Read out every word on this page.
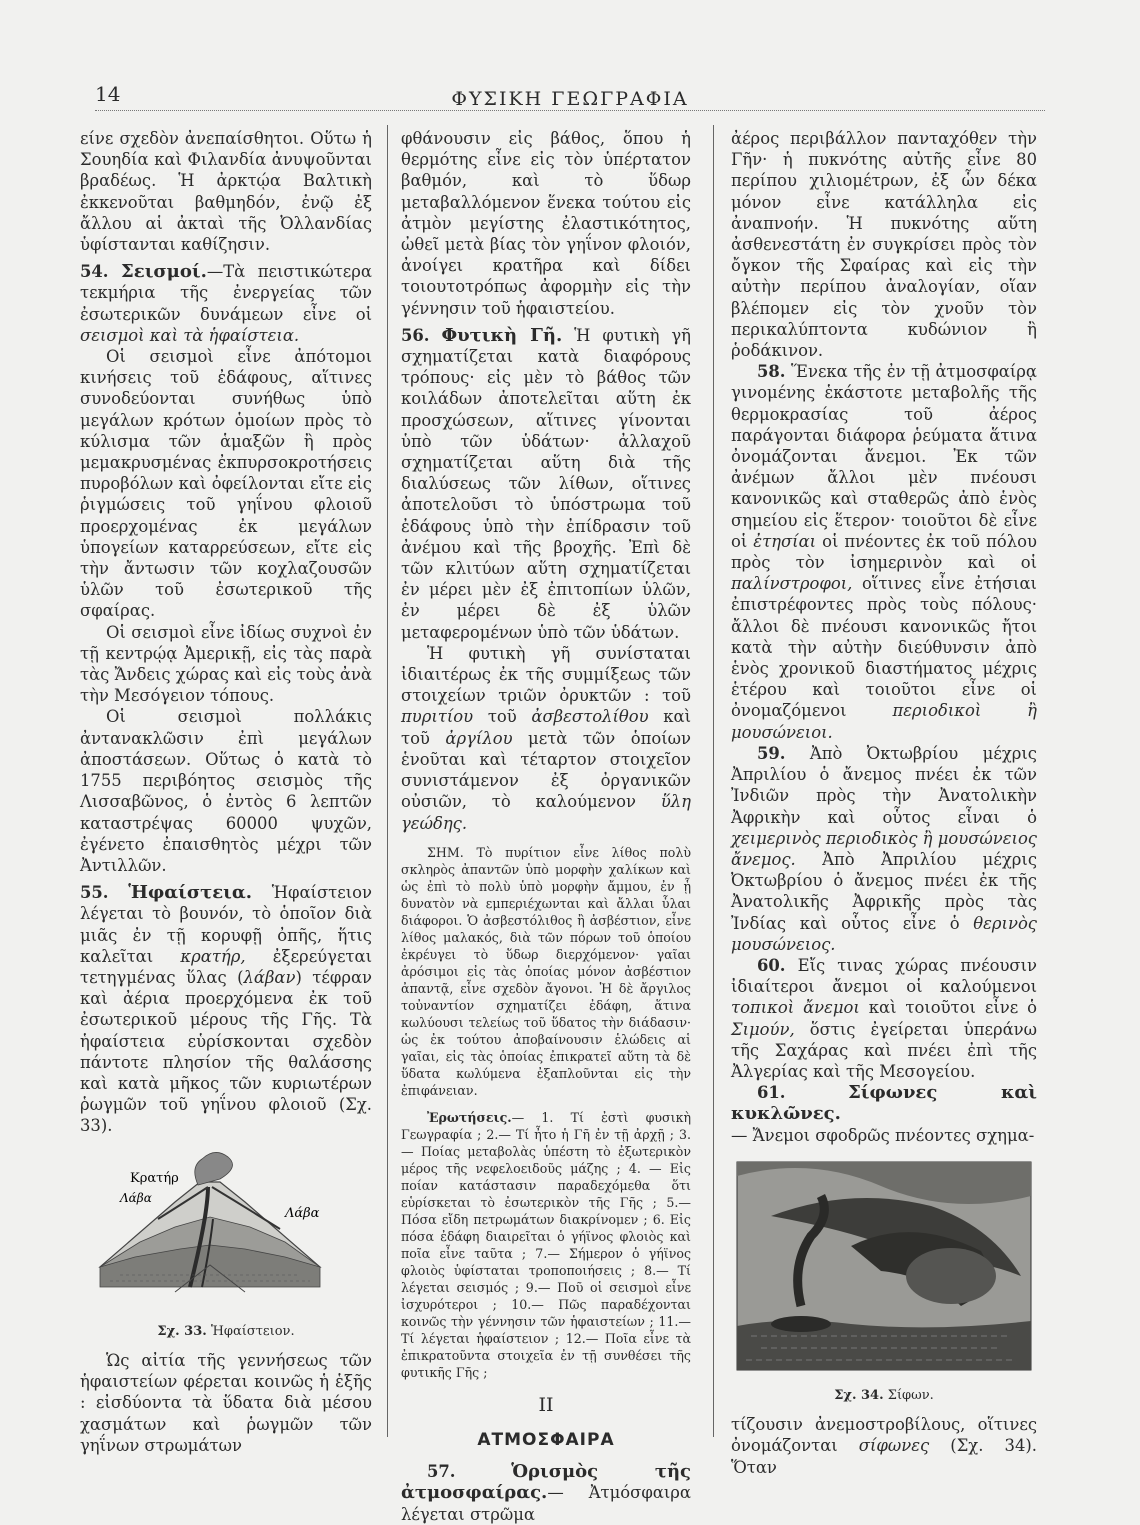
14	ΦΥΣΙΚΗ ΓΕΩΓΡΑΦΙΑ

είνε σχεδὸν ἀνεπαίσθητοι. Οὕτω ἡ Σουηδία καὶ Φιλανδία ἀνυψοῦνται βραδέως. Ἡ ἀρκτῴα Βαλτικὴ ἐκκενοῦται βαθμηδόν, ἐνῷ ἐξ ἄλλου αἱ ἀκταὶ τῆς Ὀλλανδίας ὑφίστανται καθίζησιν.

54. Σεισμοί.—Τὰ πειστικώτερα τεκμήρια τῆς ἐνεργείας τῶν ἐσωτερικῶν δυνάμεων εἶνε οἱ σεισμοὶ καὶ τὰ ἡφαίστεια.

Οἱ σεισμοὶ εἶνε ἀπότομοι κινήσεις τοῦ ἐδάφους, αἵτινες συνοδεύονται συνήθως ὑπὸ μεγάλων κρότων ὁμοίων πρὸς τὸ κύλισμα τῶν ἁμαξῶν ἢ πρὸς μεμακρυσμένας ἐκπυρσοκροτήσεις πυροβόλων καὶ ὀφείλονται εἴτε εἰς ῥιγμώσεις τοῦ γηΐνου φλοιοῦ προερχομένας ἐκ μεγάλων ὑπογείων καταρρεύσεων, εἴτε εἰς τὴν ἄντωσιν τῶν κοχλαζουσῶν ὑλῶν τοῦ ἐσωτερικοῦ τῆς σφαίρας.

Οἱ σεισμοὶ εἶνε ἰδίως συχνοὶ ἐν τῇ κεντρῴᾳ Ἀμερικῇ, εἰς τὰς παρὰ τὰς Ἄνδεις χώρας καὶ εἰς τοὺς ἀνὰ τὴν Μεσόγειον τόπους.

Οἱ σεισμοὶ πολλάκις ἀντανακλῶσιν ἐπὶ μεγάλων ἀποστάσεων. Οὕτως ὁ κατὰ τὸ 1755 περιβόητος σεισμὸς τῆς Λισσαβῶνος, ὁ ἐντὸς 6 λεπτῶν καταστρέψας 60000 ψυχῶν, ἐγένετο ἐπαισθητὸς μέχρι τῶν Ἀντιλλῶν.

55. Ἡφαίστεια. Ἡφαίστειον λέγεται τὸ βουνόν, τὸ ὁποῖον διὰ μιᾶς ἐν τῇ κορυφῇ ὀπῆς, ἥτις καλεῖται κρατήρ, ἐξερεύγεται τετηγμένας ὕλας (λάβαν) τέφραν καὶ ἀέρια προερχόμενα ἐκ τοῦ ἐσωτερικοῦ μέρους τῆς Γῆς. Τὰ ἡφαίστεια εὑρίσκονται σχεδὸν πάντοτε πλησίον τῆς θαλάσσης καὶ κατὰ μῆκος τῶν κυριωτέρων ῥωγμῶν τοῦ γηΐνου φλοιοῦ (Σχ. 33).

Κρατήρ
Λάβα
Λάβα
Σχ. 33. Ἡφαίστειον.

Ὡς αἰτία τῆς γεννήσεως τῶν ἡφαιστείων φέρεται κοινῶς ἡ ἑξῆς : εἰσδύοντα τὰ ὕδατα διὰ μέσου χασμάτων καὶ ῥωγμῶν τῶν γηΐνων στρωμάτων

φθάνουσιν εἰς βάθος, ὅπου ἡ θερμότης εἶνε εἰς τὸν ὑπέρτατον βαθμόν, καὶ τὸ ὕδωρ μεταβαλλόμενον ἕνεκα τούτου εἰς ἀτμὸν μεγίστης ἐλαστικότητος, ὠθεῖ μετὰ βίας τὸν γηΐνον φλοιόν, ἀνοίγει κρατῆρα καὶ δίδει τοιουτοτρόπως ἀφορμὴν εἰς τὴν γέννησιν τοῦ ἡφαιστείου.

56. Φυτικὴ Γῆ. Ἡ φυτικὴ γῆ σχηματίζεται κατὰ διαφόρους τρόπους· εἰς μὲν τὸ βάθος τῶν κοιλάδων ἀποτελεῖται αὕτη ἐκ προσχώσεων, αἵτινες γίνονται ὑπὸ τῶν ὑδάτων· ἀλλαχοῦ σχηματίζεται αὕτη διὰ τῆς διαλύσεως τῶν λίθων, οἵτινες ἀποτελοῦσι τὸ ὑπόστρωμα τοῦ ἐδάφους ὑπὸ τὴν ἐπίδρασιν τοῦ ἀνέμου καὶ τῆς βροχῆς. Ἐπὶ δὲ τῶν κλιτύων αὕτη σχηματίζεται ἐν μέρει μὲν ἐξ ἐπιτοπίων ὑλῶν, ἐν μέρει δὲ ἐξ ὑλῶν μεταφερομένων ὑπὸ τῶν ὑδάτων.

Ἡ φυτικὴ γῆ συνίσταται ἰδιαιτέρως ἐκ τῆς συμμίξεως τῶν στοιχείων τριῶν ὀρυκτῶν : τοῦ πυριτίου τοῦ ἀσβεστολίθου καὶ τοῦ ἀργίλου μετὰ τῶν ὁποίων ἑνοῦται καὶ τέταρτον στοιχεῖον συνιστάμενον ἐξ ὀργανικῶν οὐσιῶν, τὸ καλούμενον ὕλη γεώδης.

ΣΗΜ. Τὸ πυρίτιον εἶνε λίθος πολὺ σκληρὸς ἀπαντῶν ὑπὸ μορφὴν χαλίκων καὶ ὡς ἐπὶ τὸ πολὺ ὑπὸ μορφὴν ἄμμου, ἐν ᾗ δυνατὸν νὰ εμπεριέχωνται καὶ ἄλλαι ὗλαι διάφοροι. Ὁ ἀσβεστόλιθος ἢ ἀσβέστιον, εἶνε λίθος μαλακός, διὰ τῶν πόρων τοῦ ὁποίου ἐκρέυγει τὸ ὕδωρ διερχόμενον· γαῖαι ἀρόσιμοι εἰς τὰς ὁποίας μόνον ἀσβέστιον ἀπαντᾷ, εἶνε σχεδὸν ἄγονοι. Ἡ δὲ ἄργιλος τοὐναντίον σχηματίζει ἐδάφη, ἅτινα κωλύουσι τελείως τοῦ ὕδατος τὴν διάδασιν· ὡς ἐκ τούτου ἀποβαίνουσιν ἑλώδεις αἱ γαῖαι, εἰς τὰς ὁποίας ἐπικρατεῖ αὕτη τὰ δὲ ὕδατα κωλύμενα ἐξαπλοῦνται εἰς τὴν ἐπιφάνειαν.

Ἐρωτήσεις.— 1. Τί ἐστὶ φυσικὴ Γεωγραφία ; 2.— Τί ἦτο ἡ Γῆ ἐν τῇ ἀρχῇ ; 3.— Ποίας μεταβολὰς ὑπέστη τὸ ἐξωτερικὸν μέρος τῆς νεφελοειδοῦς μάζης ; 4. — Εἰς ποίαν κατάστασιν παραδεχόμεθα ὅτι εὑρίσκεται τὸ ἐσωτερικὸν τῆς Γῆς ; 5.— Πόσα εἴδη πετρωμάτων διακρίνομεν ; 6. Εἰς πόσα ἐδάφη διαιρεῖται ὁ γήϊνος φλοιὸς καὶ ποῖα εἶνε ταῦτα ; 7.— Σήμερον ὁ γήϊνος φλοιὸς ὑφίσταται τροποποιήσεις ; 8.— Τί λέγεται σεισμός ; 9.— Ποῦ οἱ σεισμοὶ εἶνε ἰσχυρότεροι ; 10.— Πῶς παραδέχονται κοινῶς τὴν γέννησιν τῶν ἡφαιστείων ; 11.— Τί λέγεται ἡφαίστειον ; 12.— Ποῖα εἶνε τὰ ἐπικρατοῦντα στοιχεῖα ἐν τῇ συνθέσει τῆς φυτικῆς Γῆς ;

II
ΑΤΜΟΣΦΑΙΡΑ

57.	Ὁρισμὸς τῆς ἀτμοσφαίρας.— Ἀτμόσφαιρα λέγεται στρῶμα

ἀέρος περιβάλλον πανταχόθεν τὴν Γῆν· ἡ πυκνότης αὐτῆς εἶνε 80 περίπου χιλιομέτρων, ἐξ ὧν δέκα μόνον εἶνε κατάλληλα εἰς ἀναπνοήν. Ἡ πυκνότης αὕτη ἀσθενεστάτη ἐν συγκρίσει πρὸς τὸν ὄγκον τῆς Σφαίρας καὶ εἰς τὴν αὐτὴν περίπου ἀναλογίαν, οἵαν βλέπομεν εἰς τὸν χνοῦν τὸν περικαλύπτοντα κυδώνιον ἢ ῥοδάκινον.

58. Ἕνεκα τῆς ἐν τῇ ἀτμοσφαίρᾳ γινομένης ἑκάστοτε μεταβολῆς τῆς θερμοκρασίας τοῦ ἀέρος παράγονται διάφορα ῥεύματα ἅτινα ὀνομάζονται ἄνεμοι. Ἐκ τῶν ἀνέμων ἄλλοι μὲν πνέουσι κανονικῶς καὶ σταθερῶς ἀπὸ ἑνὸς σημείου εἰς ἕτερον· τοιοῦτοι δὲ εἶνε οἱ ἐτησίαι οἱ πνέοντες ἐκ τοῦ πόλου πρὸς τὸν ἰσημερινὸν καὶ οἱ παλίνστροφοι, οἵτινες εἶνε ἐτήσιαι ἐπιστρέφοντες πρὸς τοὺς πόλους· ἄλλοι δὲ πνέουσι κανονικῶς ἤτοι κατὰ τὴν αὐτὴν διεύθυνσιν ἀπὸ ἑνὸς χρονικοῦ διαστήματος μέχρις ἑτέρου καὶ τοιοῦτοι εἶνε οἱ ὀνομαζόμενοι περιοδικοὶ ἢ μουσώνειοι.

59. Ἀπὸ Ὀκτωβρίου μέχρις Ἀπριλίου ὁ ἄνεμος πνέει ἐκ τῶν Ἰνδιῶν πρὸς τὴν Ἀνατολικὴν Ἀφρικὴν καὶ οὗτος εἶναι ὁ χειμερινὸς περιοδικὸς ἢ μουσώνειος ἄνεμος. Ἀπὸ Ἀπριλίου μέχρις Ὀκτωβρίου ὁ ἄνεμος πνέει ἐκ τῆς Ἀνατολικῆς Ἀφρικῆς πρὸς τὰς Ἰνδίας καὶ οὗτος εἶνε ὁ θερινὸς μουσώνειος.

60. Εἴς τινας χώρας πνέουσιν ἰδιαίτεροι ἄνεμοι οἱ καλούμενοι τοπικοὶ ἄνεμοι καὶ τοιοῦτοι εἶνε ὁ Σιμούν, ὅστις ἐγείρεται ὑπεράνω τῆς Σαχάρας καὶ πνέει ἐπὶ τῆς Ἀλγερίας καὶ τῆς Μεσογείου.

61.	Σίφωνες καὶ κυκλῶνες.
— Ἄνεμοι σφοδρῶς πνέοντες σχημα-

Σχ. 34. Σίφων.

τίζουσιν ἀνεμοστροβίλους, οἵτινες ὀνομάζονται σίφωνες (Σχ. 34). Ὅταν
